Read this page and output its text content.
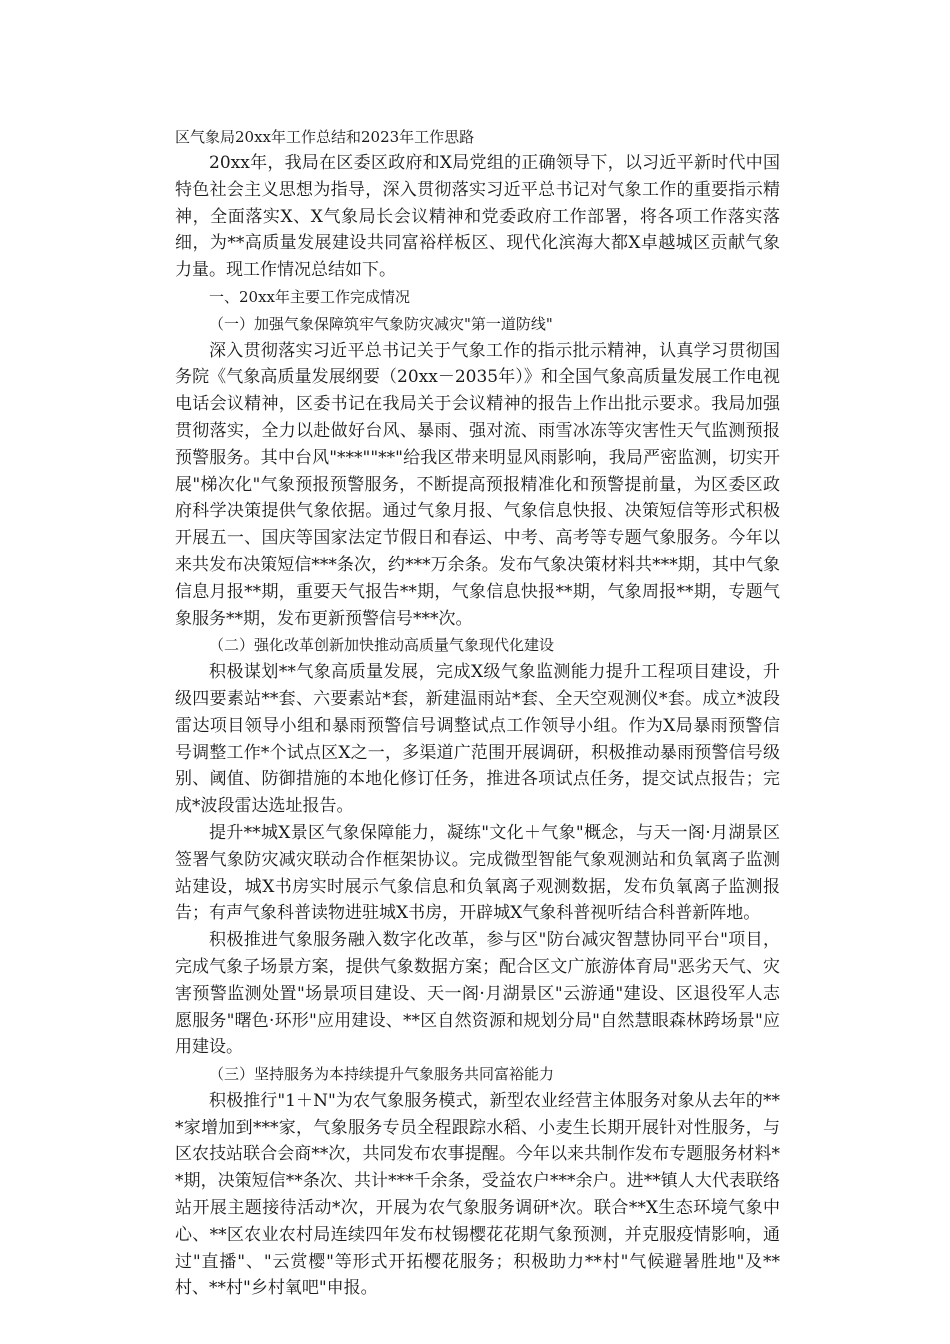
区气象局20xx年工作总结和2023年工作思路

20xx年，我局在区委区政府和X局党组的正确领导下，以习近平新时代中国特色社会主义思想为指导，深入贯彻落实习近平总书记对气象工作的重要指示精神，全面落实X、X气象局长会议精神和党委政府工作部署，将各项工作落实落细，为**高质量发展建设共同富裕样板区、现代化滨海大都X卓越城区贡献气象力量。现工作情况总结如下。

一、20xx年主要工作完成情况

（一）加强气象保障筑牢气象防灾减灾"第一道防线"

深入贯彻落实习近平总书记关于气象工作的指示批示精神，认真学习贯彻国务院《气象高质量发展纲要（20xx－2035年）》和全国气象高质量发展工作电视电话会议精神，区委书记在我局关于会议精神的报告上作出批示要求。我局加强贯彻落实，全力以赴做好台风、暴雨、强对流、雨雪冰冻等灾害性天气监测预报预警服务。其中台风"***""**"给我区带来明显风雨影响，我局严密监测，切实开展"梯次化"气象预报预警服务，不断提高预报精准化和预警提前量，为区委区政府科学决策提供气象依据。通过气象月报、气象信息快报、决策短信等形式积极开展五一、国庆等国家法定节假日和春运、中考、高考等专题气象服务。今年以来共发布决策短信***条次，约***万余条。发布气象决策材料共***期，其中气象信息月报**期，重要天气报告**期，气象信息快报**期，气象周报**期，专题气象服务**期，发布更新预警信号***次。

（二）强化改革创新加快推动高质量气象现代化建设

积极谋划**气象高质量发展，完成X级气象监测能力提升工程项目建设，升级四要素站**套、六要素站*套，新建温雨站*套、全天空观测仪*套。成立*波段雷达项目领导小组和暴雨预警信号调整试点工作领导小组。作为X局暴雨预警信号调整工作*个试点区X之一，多渠道广范围开展调研，积极推动暴雨预警信号级别、阈值、防御措施的本地化修订任务，推进各项试点任务，提交试点报告；完成*波段雷达选址报告。

提升**城X景区气象保障能力，凝练"文化＋气象"概念，与天一阁·月湖景区签署气象防灾减灾联动合作框架协议。完成微型智能气象观测站和负氧离子监测站建设，城X书房实时展示气象信息和负氧离子观测数据，发布负氧离子监测报告；有声气象科普读物进驻城X书房，开辟城X气象科普视听结合科普新阵地。

积极推进气象服务融入数字化改革，参与区"防台减灾智慧协同平台"项目，完成气象子场景方案，提供气象数据方案；配合区文广旅游体育局"恶劣天气、灾害预警监测处置"场景项目建设、天一阁·月湖景区"云游通"建设、区退役军人志愿服务"曙色·环形"应用建设、**区自然资源和规划分局"自然慧眼森林跨场景"应用建设。

（三）坚持服务为本持续提升气象服务共同富裕能力

积极推行"1＋N"为农气象服务模式，新型农业经营主体服务对象从去年的***家增加到***家，气象服务专员全程跟踪水稻、小麦生长期开展针对性服务，与区农技站联合会商**次，共同发布农事提醒。今年以来共制作发布专题服务材料**期，决策短信**条次、共计***千余条，受益农户***余户。进**镇人大代表联络站开展主题接待活动*次，开展为农气象服务调研*次。联合**X生态环境气象中心、**区农业农村局连续四年发布杖锡樱花花期气象预测，并克服疫情影响，通过"直播"、"云赏樱"等形式开拓樱花服务；积极助力**村"气候避暑胜地"及**村、**村"乡村氧吧"申报。
